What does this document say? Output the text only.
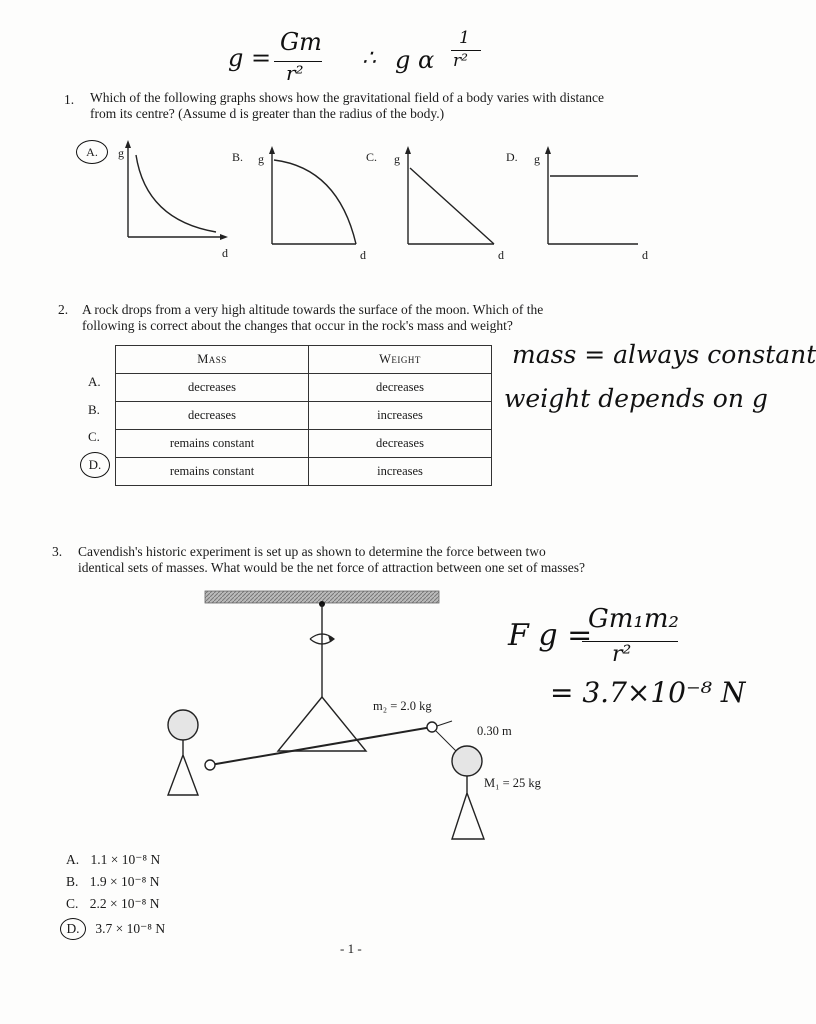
g =
Gm
r²
∴ g α
1
r²
1. Which of the following graphs shows how the gravitational field of a body varies with distance
from its centre? (Assume d is greater than the radius of the body.)
A.	g
d
B. g
d
C. g
d
D. g
d
2. A rock drops from a very high altitude towards the surface of the moon. Which of the
following is correct about the changes that occur in the rock's mass and weight?
A.
B.
C.
D.
Mass	Weight
decreases	decreases
decreases	increases
remains constant	decreases
remains constant	increases
mass = always constant
weight depends on g
3. Cavendish's historic experiment is set up as shown to determine the force between two
identical sets of masses. What would be the net force of attraction between one set of masses?
m₂ = 2.0 kg
0.30 m
M₁ = 25 kg
F g =
Gm₁m₂
r²
= 3.7×10⁻⁸ N
A. 1.1 × 10⁻⁸ N
B. 1.9 × 10⁻⁸ N
C. 2.2 × 10⁻⁸ N
D. 3.7 × 10⁻⁸ N
- 1 -
